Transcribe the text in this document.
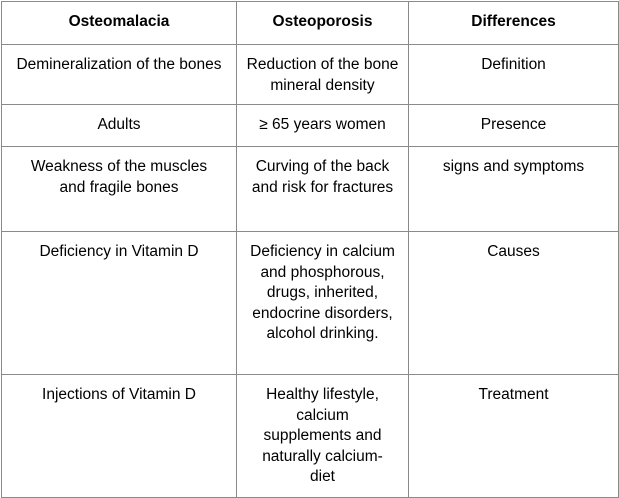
Osteomalacia	Osteoporosis	Differences
Demineralization of the bones	Reduction of the bone mineral density	Definition
Adults	≥ 65 years women	Presence
Weakness of the muscles and fragile bones	Curving of the back and risk for fractures	signs and symptoms
Deficiency in Vitamin D	Deficiency in calcium and phosphorous, drugs, inherited, endocrine disorders, alcohol drinking.	Causes
Injections of Vitamin D	Healthy lifestyle, calcium supplements and naturally calcium-diet	Treatment
